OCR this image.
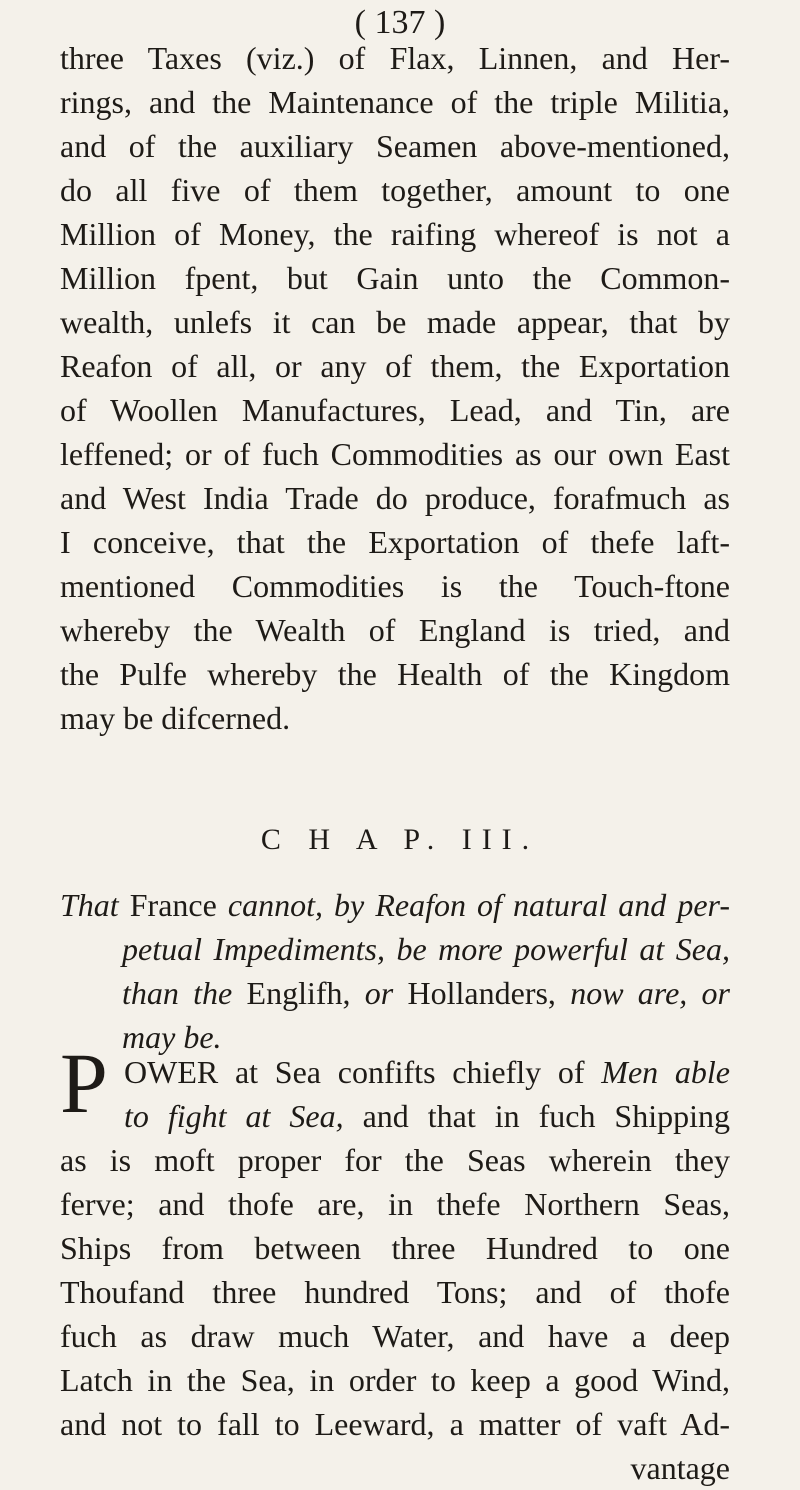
( 137 )
three Taxes (viz.) of Flax, Linnen, and Her-
rings, and the Maintenance of the triple Militia,
and of the auxiliary Seamen above-mentioned,
do all five of them together, amount to one
Million of Money, the raifing whereof is not a
Million fpent, but Gain unto the Common-
wealth, unlefs it can be made appear, that by
Reafon of all, or any of them, the Exportation
of Woollen Manufactures, Lead, and Tin, are
leffened; or of fuch Commodities as our own East
and West India Trade do produce, forafmuch as
I conceive, that the Exportation of thefe laft-
mentioned Commodities is the Touch-ftone
whereby the Wealth of England is tried, and
the Pulfe whereby the Health of the Kingdom
may be difcerned.
C H A P. III.
That France cannot, by Reafon of natural and per-
petual Impediments, be more powerful at Sea,
than the Englifh, or Hollanders, now are, or
may be.
P OWER at Sea confifts chiefly of Men able
to fight at Sea, and that in fuch Shipping
as is moft proper for the Seas wherein they
ferve; and thofe are, in thefe Northern Seas,
Ships from between three Hundred to one
Thoufand three hundred Tons; and of thofe
fuch as draw much Water, and have a deep
Latch in the Sea, in order to keep a good Wind,
and not to fall to Leeward, a matter of vaft Ad-
vantage
